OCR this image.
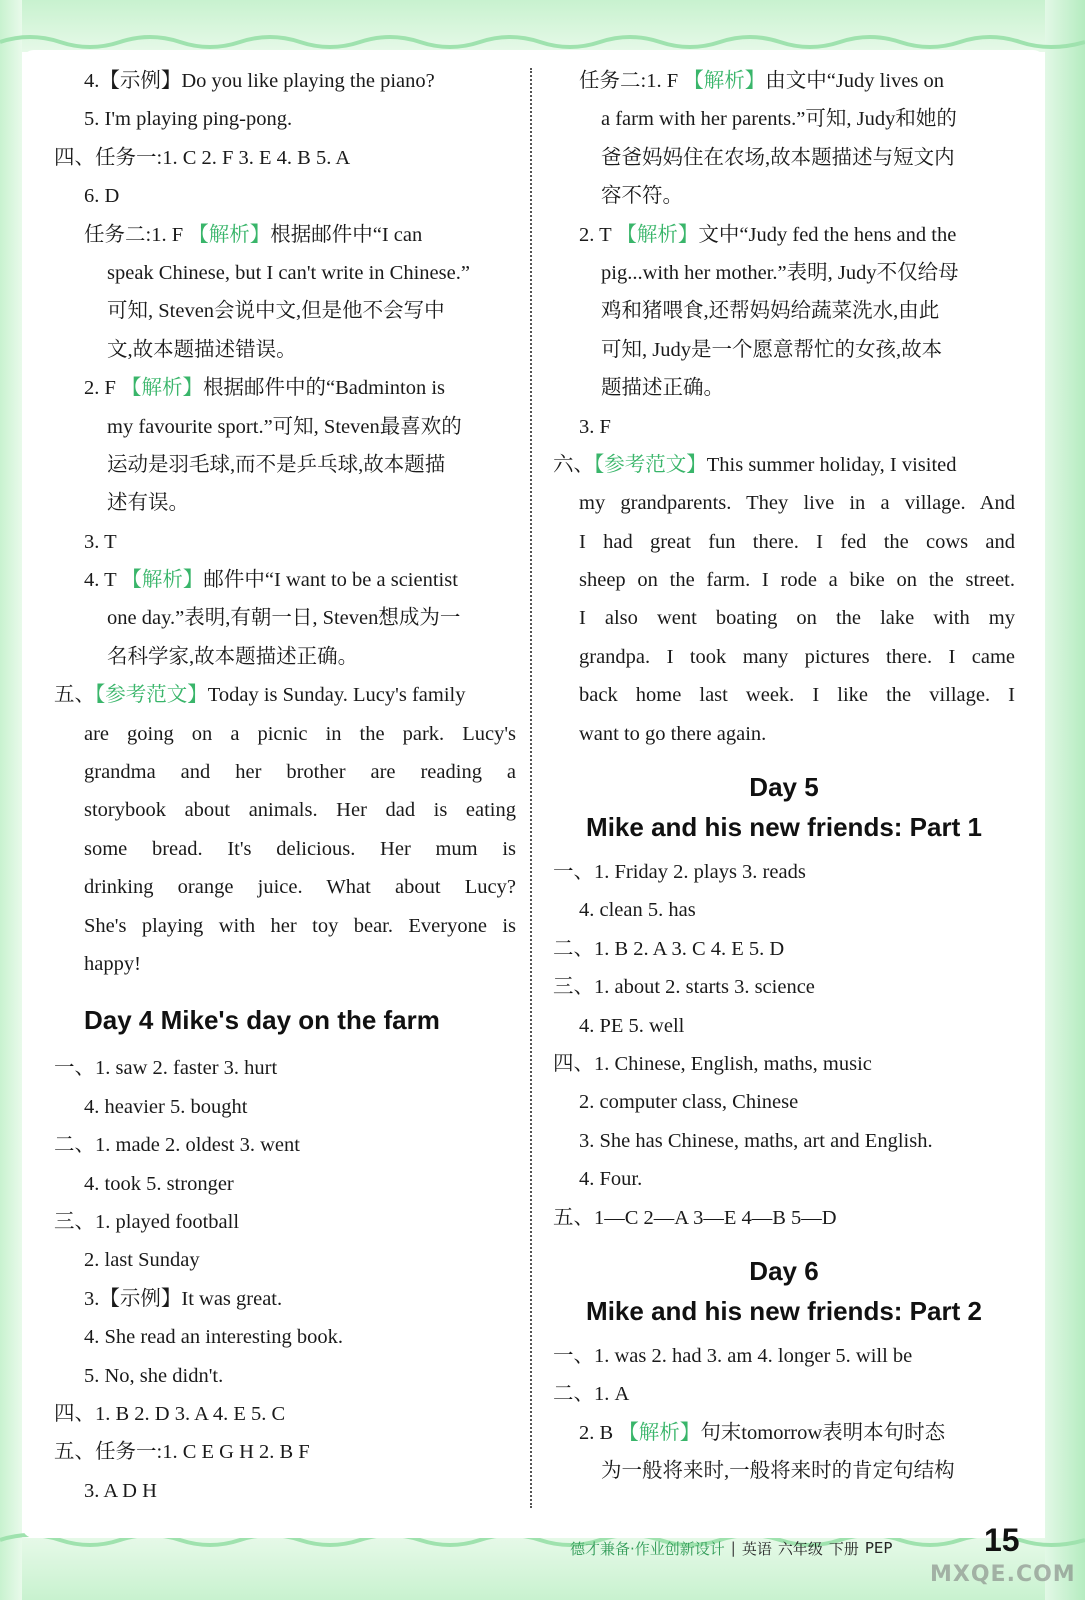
4.【示例】Do you like playing the piano?
5. I'm playing ping-pong.
四、任务一:1. C 2. F 3. E 4. B 5. A
6. D
任务二:1. F 【解析】根据邮件中“I can
speak Chinese, but I can't write in Chinese.”
可知, Steven会说中文,但是他不会写中
文,故本题描述错误。
2. F 【解析】根据邮件中的“Badminton is
my favourite sport.”可知, Steven最喜欢的
运动是羽毛球,而不是乒乓球,故本题描
述有误。
3. T
4. T 【解析】邮件中“I want to be a scientist
one day.”表明,有朝一日, Steven想成为一
名科学家,故本题描述正确。
五、【参考范文】Today is Sunday. Lucy's family
are going on a picnic in the park. Lucy's
grandma and her brother are reading a
storybook about animals. Her dad is eating
some bread. It's delicious. Her mum is
drinking orange juice. What about Lucy?
She's playing with her toy bear. Everyone is
happy!
Day 4 Mike's day on the farm
一、1. saw 2. faster 3. hurt
4. heavier 5. bought
二、1. made 2. oldest 3. went
4. took 5. stronger
三、1. played football
2. last Sunday
3.【示例】It was great.
4. She read an interesting book.
5. No, she didn't.
四、1. B 2. D 3. A 4. E 5. C
五、任务一:1. C E G H 2. B F
3. A D H
任务二:1. F 【解析】由文中“Judy lives on
a farm with her parents.”可知, Judy和她的
爸爸妈妈住在农场,故本题描述与短文内
容不符。
2. T 【解析】文中“Judy fed the hens and the
pig...with her mother.”表明, Judy不仅给母
鸡和猪喂食,还帮妈妈给蔬菜洗水,由此
可知, Judy是一个愿意帮忙的女孩,故本
题描述正确。
3. F
六、【参考范文】This summer holiday, I visited
my grandparents. They live in a village. And
I had great fun there. I fed the cows and
sheep on the farm. I rode a bike on the street.
I also went boating on the lake with my
grandpa. I took many pictures there. I came
back home last week. I like the village. I
want to go there again.
Day 5
Mike and his new friends: Part 1
一、1. Friday 2. plays 3. reads
4. clean 5. has
二、1. B 2. A 3. C 4. E 5. D
三、1. about 2. starts 3. science
4. PE 5. well
四、1. Chinese, English, maths, music
2. computer class, Chinese
3. She has Chinese, maths, art and English.
4. Four.
五、1—C 2—A 3—E 4—B 5—D
Day 6
Mike and his new friends: Part 2
一、1. was 2. had 3. am 4. longer 5. will be
二、1. A
2. B 【解析】句末tomorrow表明本句时态
为一般将来时,一般将来时的肯定句结构
德才兼备·作业创新设计 | 英语 六年级 下册 PEP	15
MXQE.COM
